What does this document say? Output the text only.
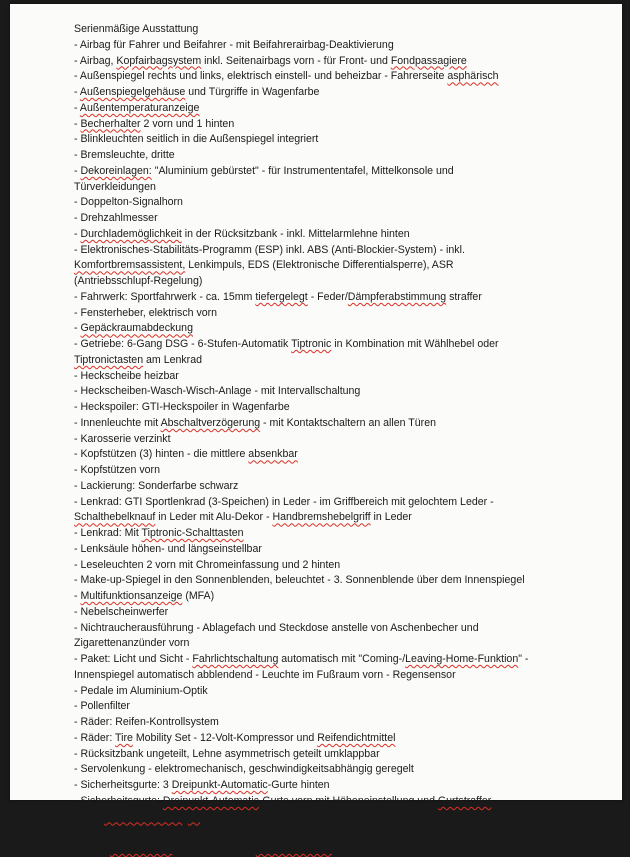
Serienmäßige Ausstattung
- Airbag für Fahrer und Beifahrer - mit Beifahrerairbag-Deaktivierung
- Airbag, Kopfairbagsystem inkl. Seitenairbags vorn - für Front- und Fondpassagiere
- Außenspiegel rechts und links, elektrisch einstell- und beheizbar - Fahrerseite asphärisch
- Außenspiegelgehäuse und Türgriffe in Wagenfarbe
- Außentemperaturanzeige
- Becherhalter 2 vorn und 1 hinten
- Blinkleuchten seitlich in die Außenspiegel integriert
- Bremsleuchte, dritte
- Dekoreinlagen: "Aluminium gebürstet" - für Instrumententafel, Mittelkonsole und
Türverkleidungen
- Doppelton-Signalhorn
- Drehzahlmesser
- Durchlademöglichkeit in der Rücksitzbank - inkl. Mittelarmlehne hinten
- Elektronisches-Stabilitäts-Programm (ESP) inkl. ABS (Anti-Blockier-System) - inkl.
Komfortbremsassistent, Lenkimpuls, EDS (Elektronische Differentialsperre), ASR
(Antriebsschlupf-Regelung)
- Fahrwerk: Sportfahrwerk - ca. 15mm tiefergelegt - Feder/Dämpferabstimmung straffer
- Fensterheber, elektrisch vorn
- Gepäckraumabdeckung
- Getriebe: 6-Gang DSG - 6-Stufen-Automatik Tiptronic in Kombination mit Wählhebel oder
Tiptronictasten am Lenkrad
- Heckscheibe heizbar
- Heckscheiben-Wasch-Wisch-Anlage - mit Intervallschaltung
- Heckspoiler: GTI-Heckspoiler in Wagenfarbe
- Innenleuchte mit Abschaltverzögerung - mit Kontaktschaltern an allen Türen
- Karosserie verzinkt
- Kopfstützen (3) hinten - die mittlere absenkbar
- Kopfstützen vorn
- Lackierung: Sonderfarbe schwarz
- Lenkrad: GTI Sportlenkrad (3-Speichen) in Leder - im Griffbereich mit gelochtem Leder -
Schalthebelknauf in Leder mit Alu-Dekor - Handbremshebelgriff in Leder
- Lenkrad: Mit Tiptronic-Schalttasten
- Lenksäule höhen- und längseinstellbar
- Leseleuchten 2 vorn mit Chromeinfassung und 2 hinten
- Make-up-Spiegel in den Sonnenblenden, beleuchtet - 3. Sonnenblende über dem Innenspiegel
- Multifunktionsanzeige (MFA)
- Nebelscheinwerfer
- Nichtraucherausführung - Ablagefach und Steckdose anstelle von Aschenbecher und
Zigarettenanzünder vorn
- Paket: Licht und Sicht - Fahrlichtschaltung automatisch mit "Coming-/Leaving-Home-Funktion" -
Innenspiegel automatisch abblendend - Leuchte im Fußraum vorn - Regensensor
- Pedale im Aluminium-Optik
- Pollenfilter
- Räder: Reifen-Kontrollsystem
- Räder: Tire Mobility Set - 12-Volt-Kompressor und Reifendichtmittel
- Rücksitzbank ungeteilt, Lehne asymmetrisch geteilt umklappbar
- Servolenkung - elektromechanisch, geschwindigkeitsabhängig geregelt
- Sicherheitsgurte: 3 Dreipunkt-Automatic-Gurte hinten
- Sicherheitsgurte: Dreipunkt-Automatic-Gurte vorn mit Höheneinstellung und Gurtstraffer
- Sitz: Kindersitzbefestigung ISOFIX - Vorrichtung zur Befestigung von 2 Kindersitzen auf der
Rücksitzbank
- Sitze: Einstiegshilfe "Easy- Entry" für Fondpassagiere
